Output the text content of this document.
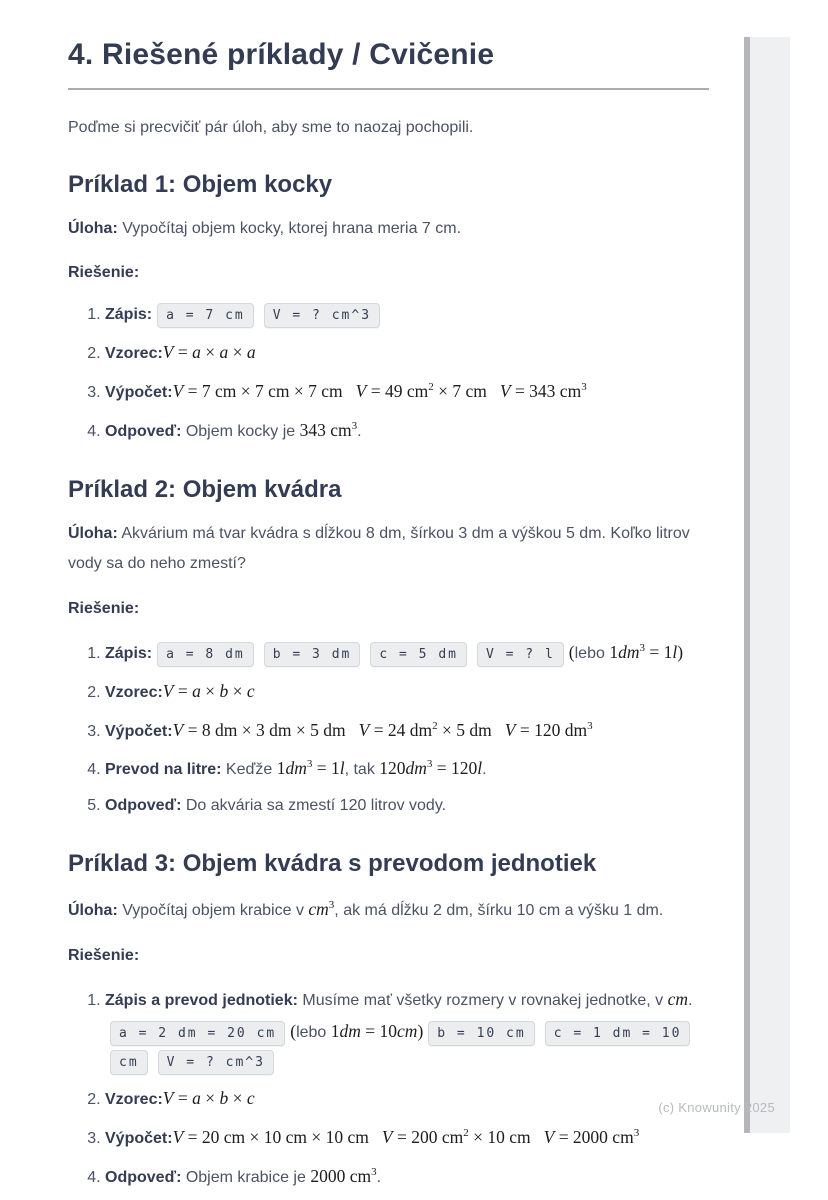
4. Riešené príklady / Cvičenie

Poďme si precvičiť pár úloh, aby sme to naozaj pochopili.

Príklad 1: Objem kocky

Úloha: Vypočítaj objem kocky, ktorej hrana meria 7 cm.

Riešenie:

1. Zápis: a = 7 cm V = ? cm^3
2. Vzorec:V = a × a × a
3. Výpočet:V = 7 cm × 7 cm × 7 cm V = 49 $cm^2 \times 7$ cm V = 343 $cm^3$
4. Odpoveď: Objem kocky je 343 $cm^3$.
Príklad 2: Objem kvádra

Úloha: Akvárium má tvar kvádra s dĺžkou 8 dm, šírkou 3 dm a výškou 5 dm. Koľko litrov vody sa do neho zmestí?

Riešenie:

1. Zápis: a = 8 dm b = 3 dm c = 5 dm V = ? l (lebo $1dm^3 = 1l$)
2. Vzorec:V = a × b × c
3. Výpočet:V = 8 dm × 3 dm × 5 dm V = 24 $dm^2 \times 5$ dm V = 120 $dm^3$
4. Prevod na litre: Keďže $1dm^3 = 1l$, tak $120dm^3 = 120l$.
5. Odpoveď: Do akvária sa zmestí 120 litrov vody.
Príklad 3: Objem kvádra s prevodom jednotiek

Úloha: Vypočítaj objem krabice v $cm^3$, ak má dĺžku 2 dm, šírku 10 cm a výšku 1 dm.

Riešenie:

1. Zápis a prevod jednotiek: Musíme mať všetky rozmery v rovnakej jednotke, v cm. a = 2 dm = 20 cm (lebo 1dm = 10cm) b = 10 cm c = 1 dm = 10 cm V = ? cm^3
2. Vzorec:V = a × b × c
3. Výpočet:V = 20 cm × 10 cm × 10 cm V = 200 $cm^2 \times 10$ cm V = 2000 $cm^3$
4. Odpoveď: Objem krabice je 2000 $cm^3$.
(c) Knowunity 2025
